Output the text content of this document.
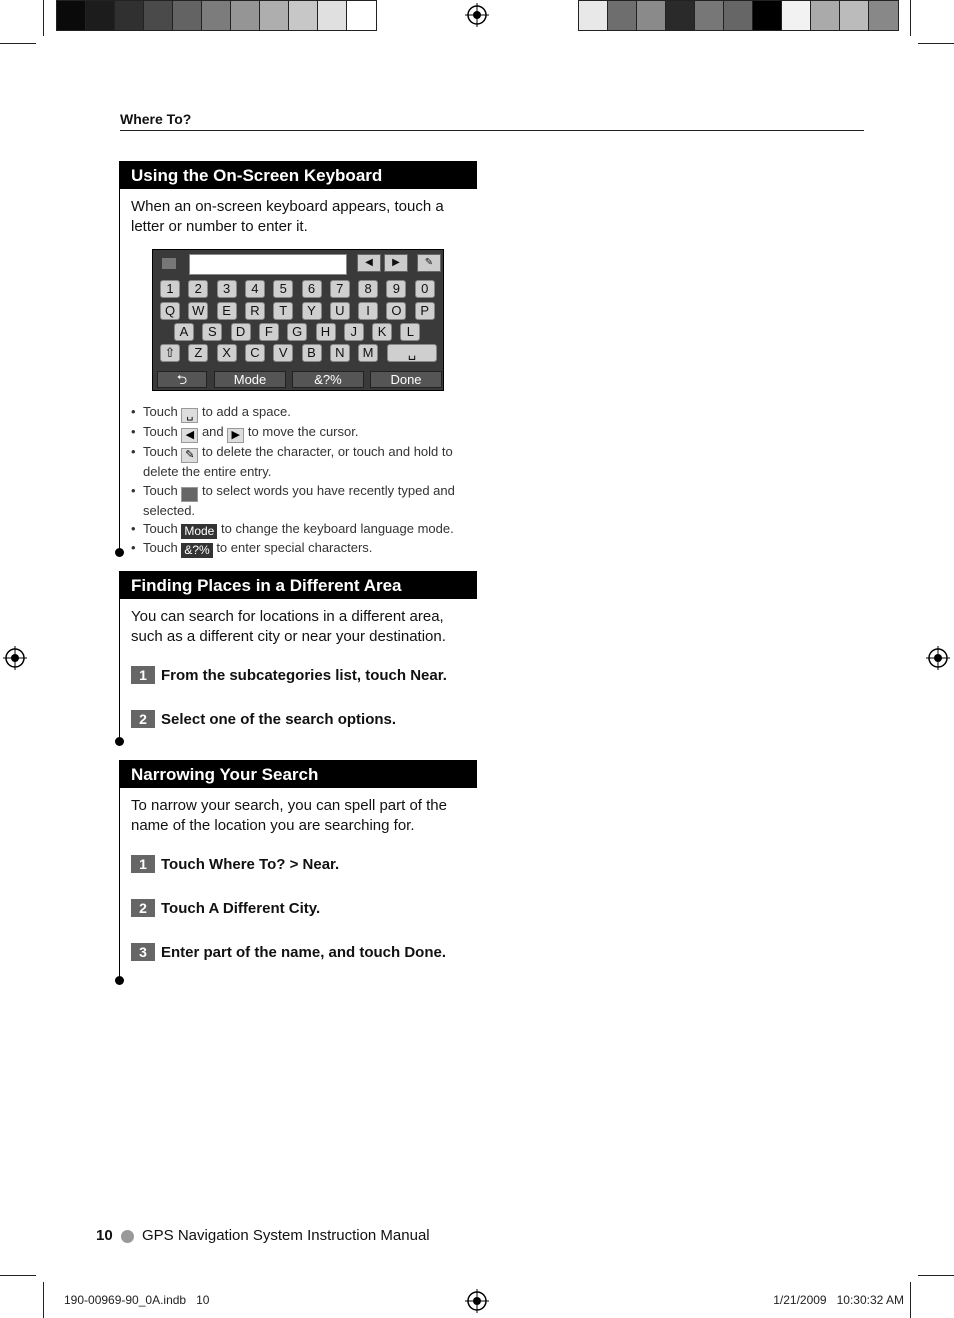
Where To?
Using the On-Screen Keyboard
When an on-screen keyboard appears, touch a letter or number to enter it.
◀	▶	✎
1	2	3	4	5	6	7	8	9	0
Q	W	E	R	T	Y	U	I	O	P
A	S	D	F	G	H	J	K	L
⇧	Z	X	C	V	B	N	M	␣
⮌	Mode	&?%	Done
• Touch ␣ to add a space.
• Touch ◀ and ▶ to move the cursor.
• Touch ✎ to delete the character, or touch and hold to delete the entire entry.
• Touch ▪ to select words you have recently typed and selected.
• Touch Mode to change the keyboard language mode.
• Touch &?% to enter special characters.
Finding Places in a Different Area
You can search for locations in a different area, such as a different city or near your destination.
1 From the subcategories list, touch Near.
2 Select one of the search options.
Narrowing Your Search
To narrow your search, you can spell part of the name of the location you are searching for.
1 Touch Where To? > Near.
2 Touch A Different City.
3 Enter part of the name, and touch Done.
10 GPS Navigation System Instruction Manual
190-00969-90_0A.indb   10	1/21/2009   10:30:32 AM
